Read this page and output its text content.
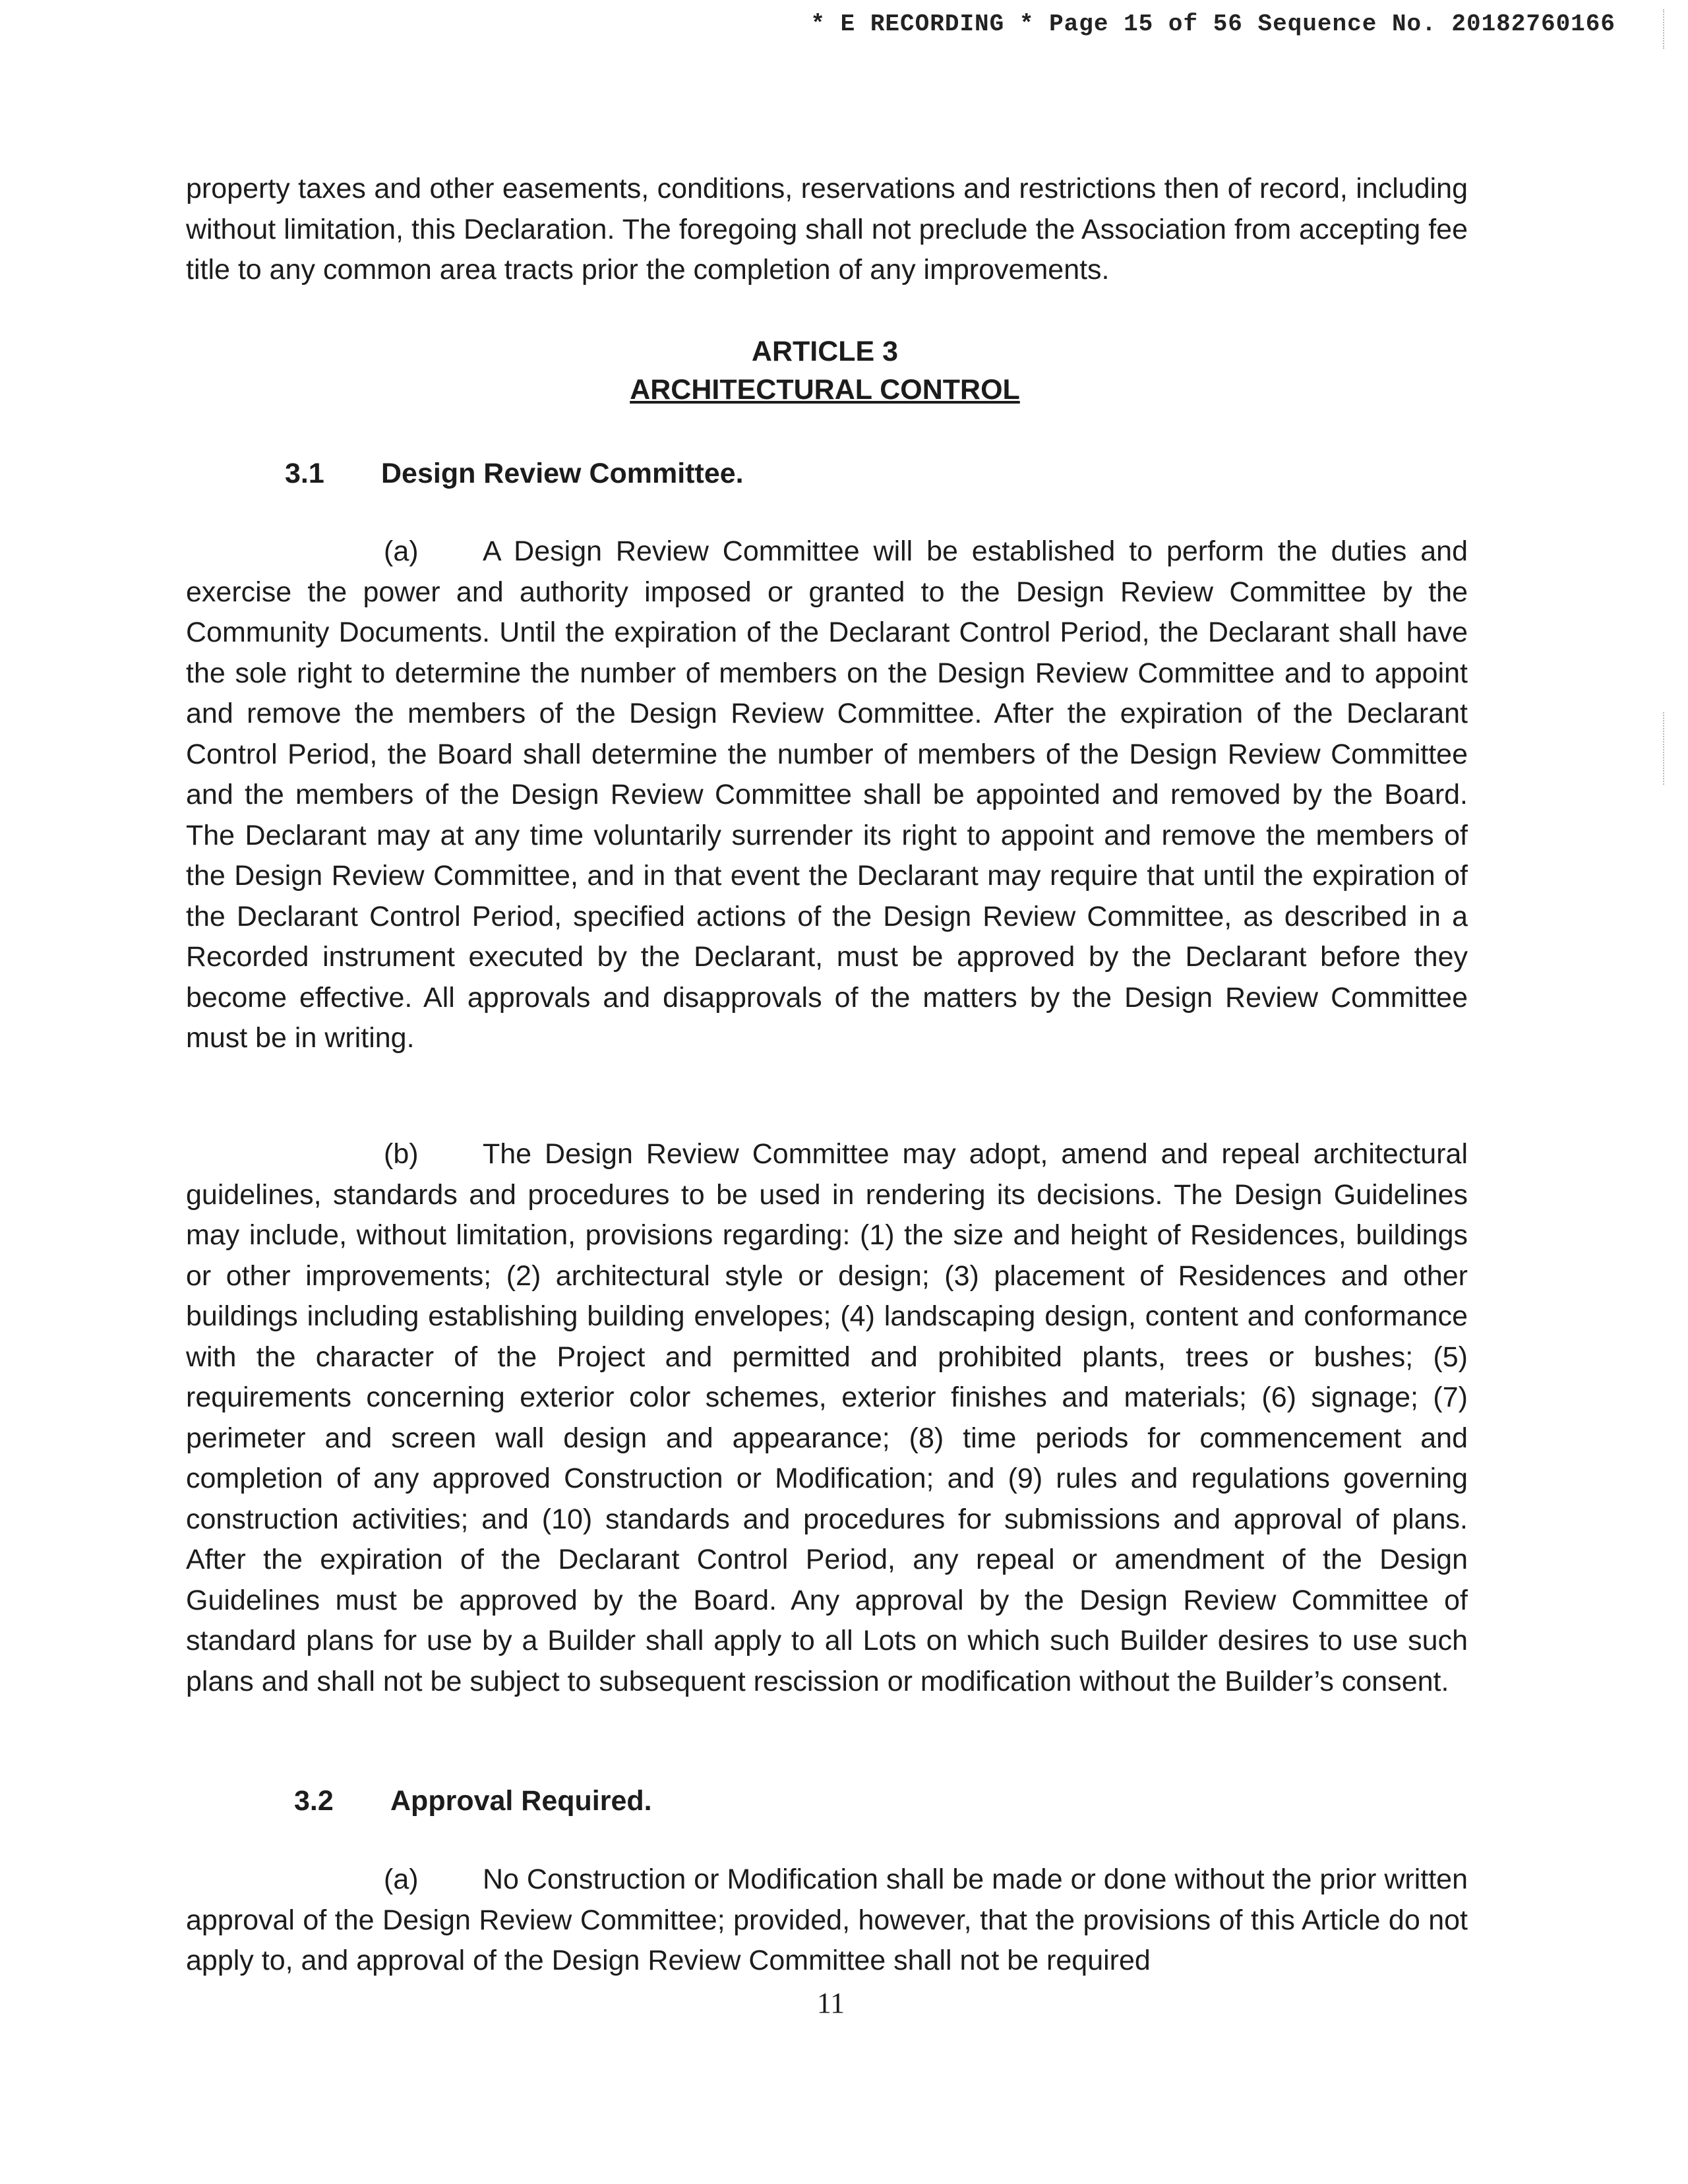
* E RECORDING * Page 15 of 56 Sequence No. 20182760166

property taxes and other easements, conditions, reservations and restrictions then of record, including without limitation, this Declaration. The foregoing shall not preclude the Association from accepting fee title to any common area tracts prior the completion of any improvements.

ARTICLE 3
ARCHITECTURAL CONTROL
3.1 Design Review Committee.

(a) A Design Review Committee will be established to perform the duties and exercise the power and authority imposed or granted to the Design Review Committee by the Community Documents. Until the expiration of the Declarant Control Period, the Declarant shall have the sole right to determine the number of members on the Design Review Committee and to appoint and remove the members of the Design Review Committee. After the expiration of the Declarant Control Period, the Board shall determine the number of members of the Design Review Committee and the members of the Design Review Committee shall be appointed and removed by the Board. The Declarant may at any time voluntarily surrender its right to appoint and remove the members of the Design Review Committee, and in that event the Declarant may require that until the expiration of the Declarant Control Period, specified actions of the Design Review Committee, as described in a Recorded instrument executed by the Declarant, must be approved by the Declarant before they become effective. All approvals and disapprovals of the matters by the Design Review Committee must be in writing.

(b) The Design Review Committee may adopt, amend and repeal architectural guidelines, standards and procedures to be used in rendering its decisions. The Design Guidelines may include, without limitation, provisions regarding: (1) the size and height of Residences, buildings or other improvements; (2) architectural style or design; (3) placement of Residences and other buildings including establishing building envelopes; (4) landscaping design, content and conformance with the character of the Project and permitted and prohibited plants, trees or bushes; (5) requirements concerning exterior color schemes, exterior finishes and materials; (6) signage; (7) perimeter and screen wall design and appearance; (8) time periods for commencement and completion of any approved Construction or Modification; and (9) rules and regulations governing construction activities; and (10) standards and procedures for submissions and approval of plans. After the expiration of the Declarant Control Period, any repeal or amendment of the Design Guidelines must be approved by the Board. Any approval by the Design Review Committee of standard plans for use by a Builder shall apply to all Lots on which such Builder desires to use such plans and shall not be subject to subsequent rescission or modification without the Builder’s consent.

3.2 Approval Required.

(a) No Construction or Modification shall be made or done without the prior written approval of the Design Review Committee; provided, however, that the provisions of this Article do not apply to, and approval of the Design Review Committee shall not be required

11
